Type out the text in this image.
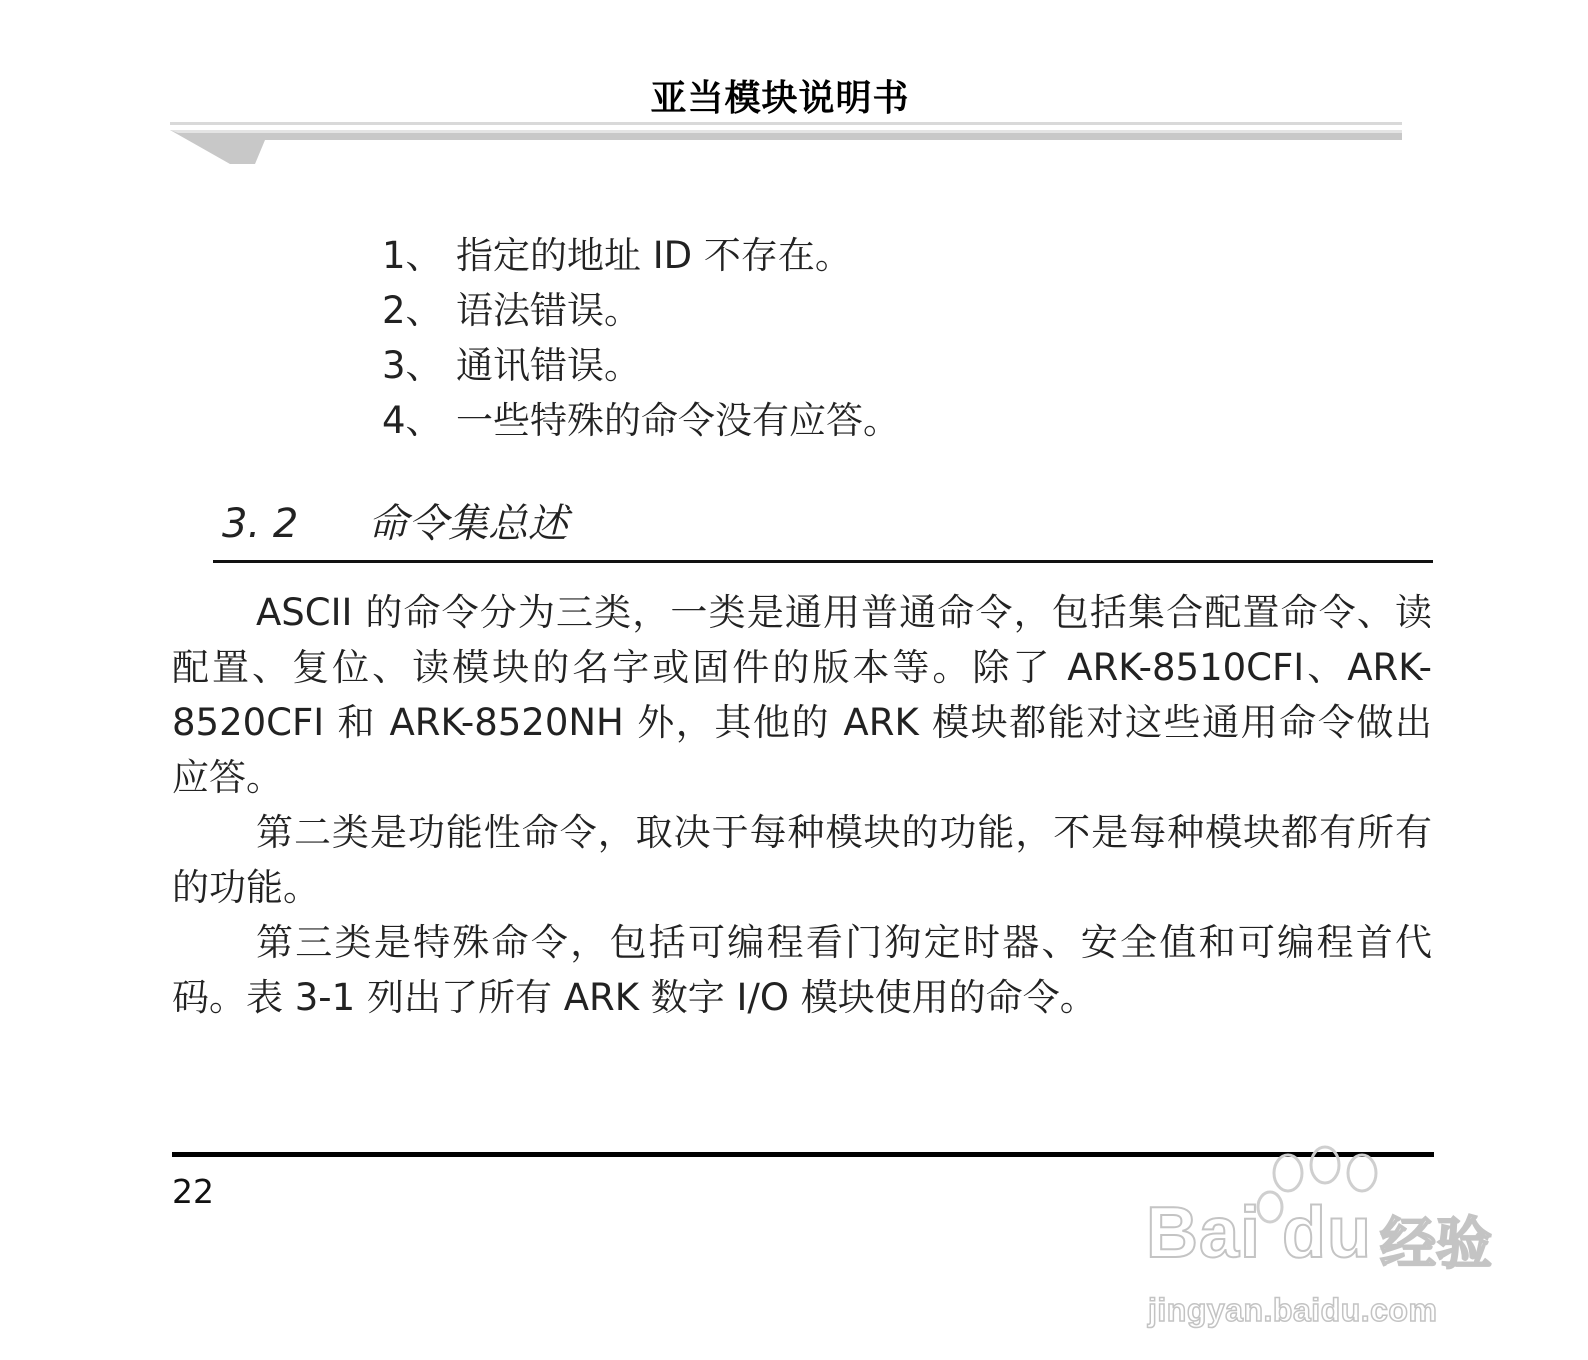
亚当模块说明书
1、 指定的地址 ID 不存在。
2、 语法错误。
3、 通讯错误。
4、 一些特殊的命令没有应答。
3. 2	命令集总述

ASCII 的命令分为三类，一类是通用普通命令，包括集合配置命令、读配置、复位、读模块的名字或固件的版本等。除了 ARK-8510CFI、ARK-8520CFI 和 ARK-8520NH 外，其他的 ARK 模块都能对这些通用命令做出应答。

第二类是功能性命令，取决于每种模块的功能，不是每种模块都有所有的功能。

第三类是特殊命令，包括可编程看门狗定时器、安全值和可编程首代码。表 3-1 列出了所有 ARK 数字 I/O 模块使用的命令。

22
Bai du 经验
jingyan.baidu.com
